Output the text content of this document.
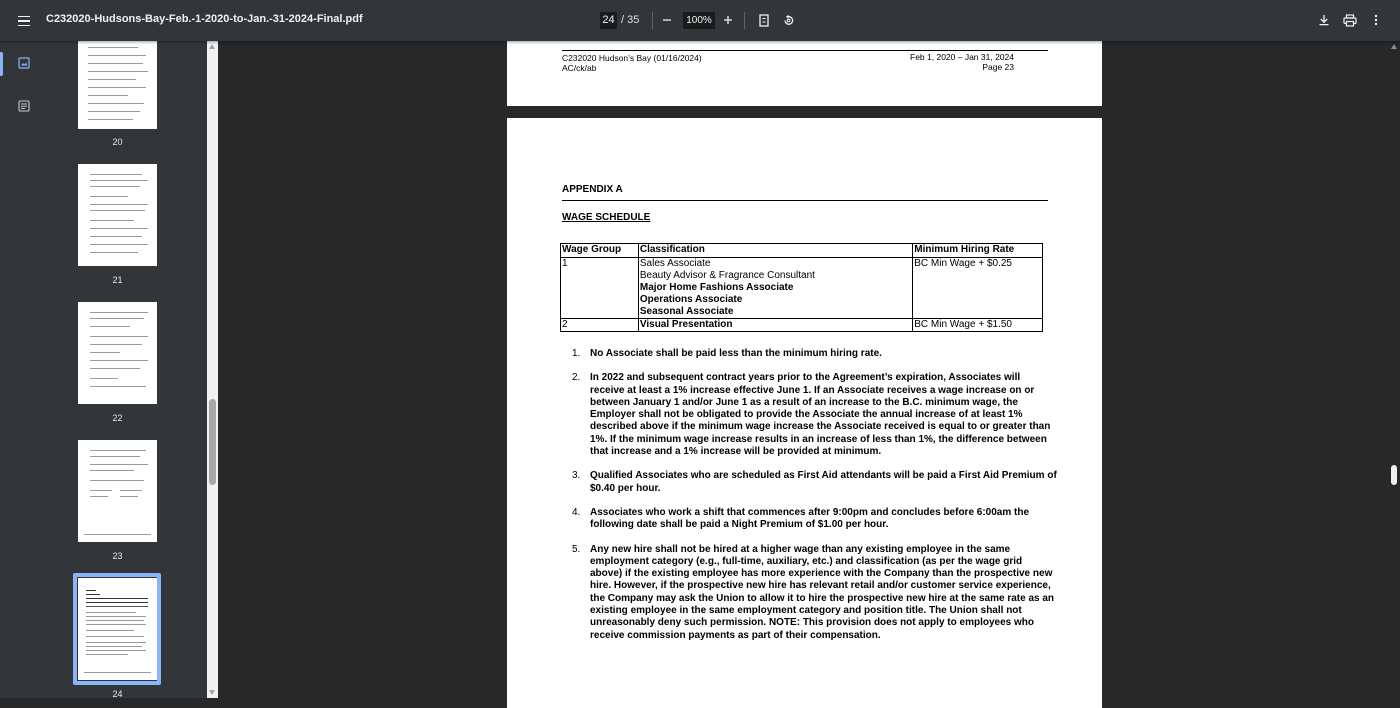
C232020-Hudsons-Bay-Feb.-1-2020-to-Jan.-31-2024-Final.pdf	24 / 35	100%
20
21
22
23
24
C232020 Hudson’s Bay (01/16/2024)
AC/ck/ab
Feb 1, 2020 – Jan 31, 2024
Page 23
APPENDIX A
WAGE SCHEDULE
Wage Group	Classification	Minimum Hiring Rate
1	Sales Associate
Beauty Advisor & Fragrance Consultant
Major Home Fashions Associate
Operations Associate
Seasonal Associate	BC Min Wage + $0.25
2	Visual Presentation	BC Min Wage + $1.50
1. No Associate shall be paid less than the minimum hiring rate.
2. In 2022 and subsequent contract years prior to the Agreement’s expiration, Associates will receive at least a 1% increase effective June 1. If an Associate receives a wage increase on or between January 1 and/or June 1 as a result of an increase to the B.C. minimum wage, the Employer shall not be obligated to provide the Associate the annual increase of at least 1% described above if the minimum wage increase the Associate received is equal to or greater than 1%. If the minimum wage increase results in an increase of less than 1%, the difference between that increase and a 1% increase will be provided at minimum.
3. Qualified Associates who are scheduled as First Aid attendants will be paid a First Aid Premium of $0.40 per hour.
4. Associates who work a shift that commences after 9:00pm and concludes before 6:00am the following date shall be paid a Night Premium of $1.00 per hour.
5. Any new hire shall not be hired at a higher wage than any existing employee in the same employment category (e.g., full-time, auxiliary, etc.) and classification (as per the wage grid above) if the existing employee has more experience with the Company than the prospective new hire. However, if the prospective new hire has relevant retail and/or customer service experience, the Company may ask the Union to allow it to hire the prospective new hire at the same rate as an existing employee in the same employment category and position title. The Union shall not unreasonably deny such permission. NOTE: This provision does not apply to employees who receive commission payments as part of their compensation.
